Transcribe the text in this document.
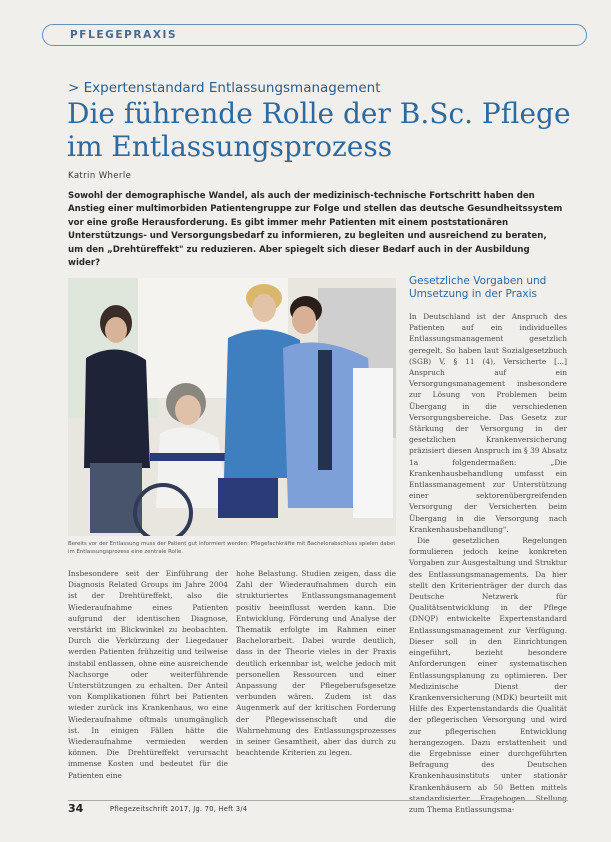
PFLEGEPRAXIS
> Expertenstandard Entlassungsmanagement
Die führende Rolle der B.Sc. Pflege im Entlassungsprozess
Katrin Wherle
Sowohl der demographische Wandel, als auch der medizinisch-technische Fortschritt haben den Anstieg einer multimorbiden Patientengruppe zur Folge und stellen das deutsche Gesundheitssystem vor eine große Herausforderung. Es gibt immer mehr Patienten mit einem poststationären Unterstützungs- und Versorgungsbedarf zu informieren, zu begleiten und ausreichend zu beraten, um den „Drehtüreffekt" zu reduzieren. Aber spiegelt sich dieser Bedarf auch in der Ausbildung wider?
Bereits vor der Entlassung muss der Patient gut informiert werden: Pflegefachkräfte mit Bachelorabschluss spielen dabei im Entlassungsprozess eine zentrale Rolle.

Insbesondere seit der Einführung der Diagnosis Related Groups im Jahre 2004 ist der Drehtüreffekt, also die Wiederaufnahme eines Patienten aufgrund der identischen Diagnose, verstärkt im Blickwinkel zu beobachten. Durch die Verkürzung der Liegedauer werden Patienten frühzeitig und teilweise instabil entlassen, ohne eine ausreichende Nachsorge oder weiterführende Unterstützungen zu erhalten. Der Anteil von Komplikationen führt bei Patienten wieder zurück ins Krankenhaus, wo eine Wiederaufnahme oftmals unumgänglich ist. In einigen Fällen hätte die Wiederaufnahme vermieden werden können. Die Drehtüreffekt verursacht immense Kosten und bedeutet für die Patienten eine

hohe Belastung. Studien zeigen, dass die Zahl der Wiederaufnahmen durch ein strukturiertes Entlassungsmanagement positiv beeinflusst werden kann. Die Entwicklung, Förderung und Analyse der Thematik erfolgte im Rahmen einer Bachelorarbeit. Dabei wurde deutlich, dass in der Theorie vieles in der Praxis deutlich erkennbar ist, welche jedoch mit personellen Ressourcen und einer Anpassung der Pflegeberufsgesetze verbunden wären. Zudem ist das Augenmerk auf der kritischen Forderung der Pflegewissenschaft und die Wahrnehmung des Entlassungsprozesses in seiner Gesamtheit, aber das durch zu beachtende Kriterien zu legen.

Gesetzliche Vorgaben und Umsetzung in der Praxis

In Deutschland ist der Anspruch des Patienten auf ein individuelles Entlassungsmanagement gesetzlich geregelt. So haben laut Sozialgesetzbuch (SGB) V, § 11 (4), Versicherte [...] Anspruch auf ein Versorgungsmanagement insbesondere zur Lösung von Problemen beim Übergang in die verschiedenen Versorgungsbereiche. Das Gesetz zur Stärkung der Versorgung in der gesetzlichen Krankenversicherung präzisiert diesen Anspruch im § 39 Absatz 1a folgendermaßen: „Die Krankenhausbehandlung umfasst ein Entlassmanagement zur Unterstützung einer sektorenübergreifenden Versorgung der Versicherten beim Übergang in die Versorgung nach Krankenhausbehandlung".

Die gesetzlichen Regelungen formulieren jedoch keine konkreten Vorgaben zur Ausgestaltung und Struktur des Entlassungsmanagements. Da hier stellt den Kriterienträger der durch das Deutsche Netzwerk für Qualitätsentwicklung in der Pflege (DNQP) entwickelte Expertenstandard Entlassungsmanagement zur Verfügung. Dieser soll in den Einrichtungen eingeführt, bezieht besondere Anforderungen einer systematischen Entlassungsplanung zu optimieren. Der Medizinische Dienst der Krankenversicherung (MDK) beurteilt mit Hilfe des Expertenstandards die Qualität der pflegerischen Versorgung und wird zur pflegerischen Entwicklung herangezogen. Dazu erstattenheit und die Ergebnisse einer durchgeführten Befragung des Deutschen Krankenhausinstituts unter stationär Krankenhäusern ab 50 Betten mittels standardisierter Fragebogen Stellung zum Thema Entlassungsma-

34	Pflegezeitschrift 2017, Jg. 70, Heft 3/4
